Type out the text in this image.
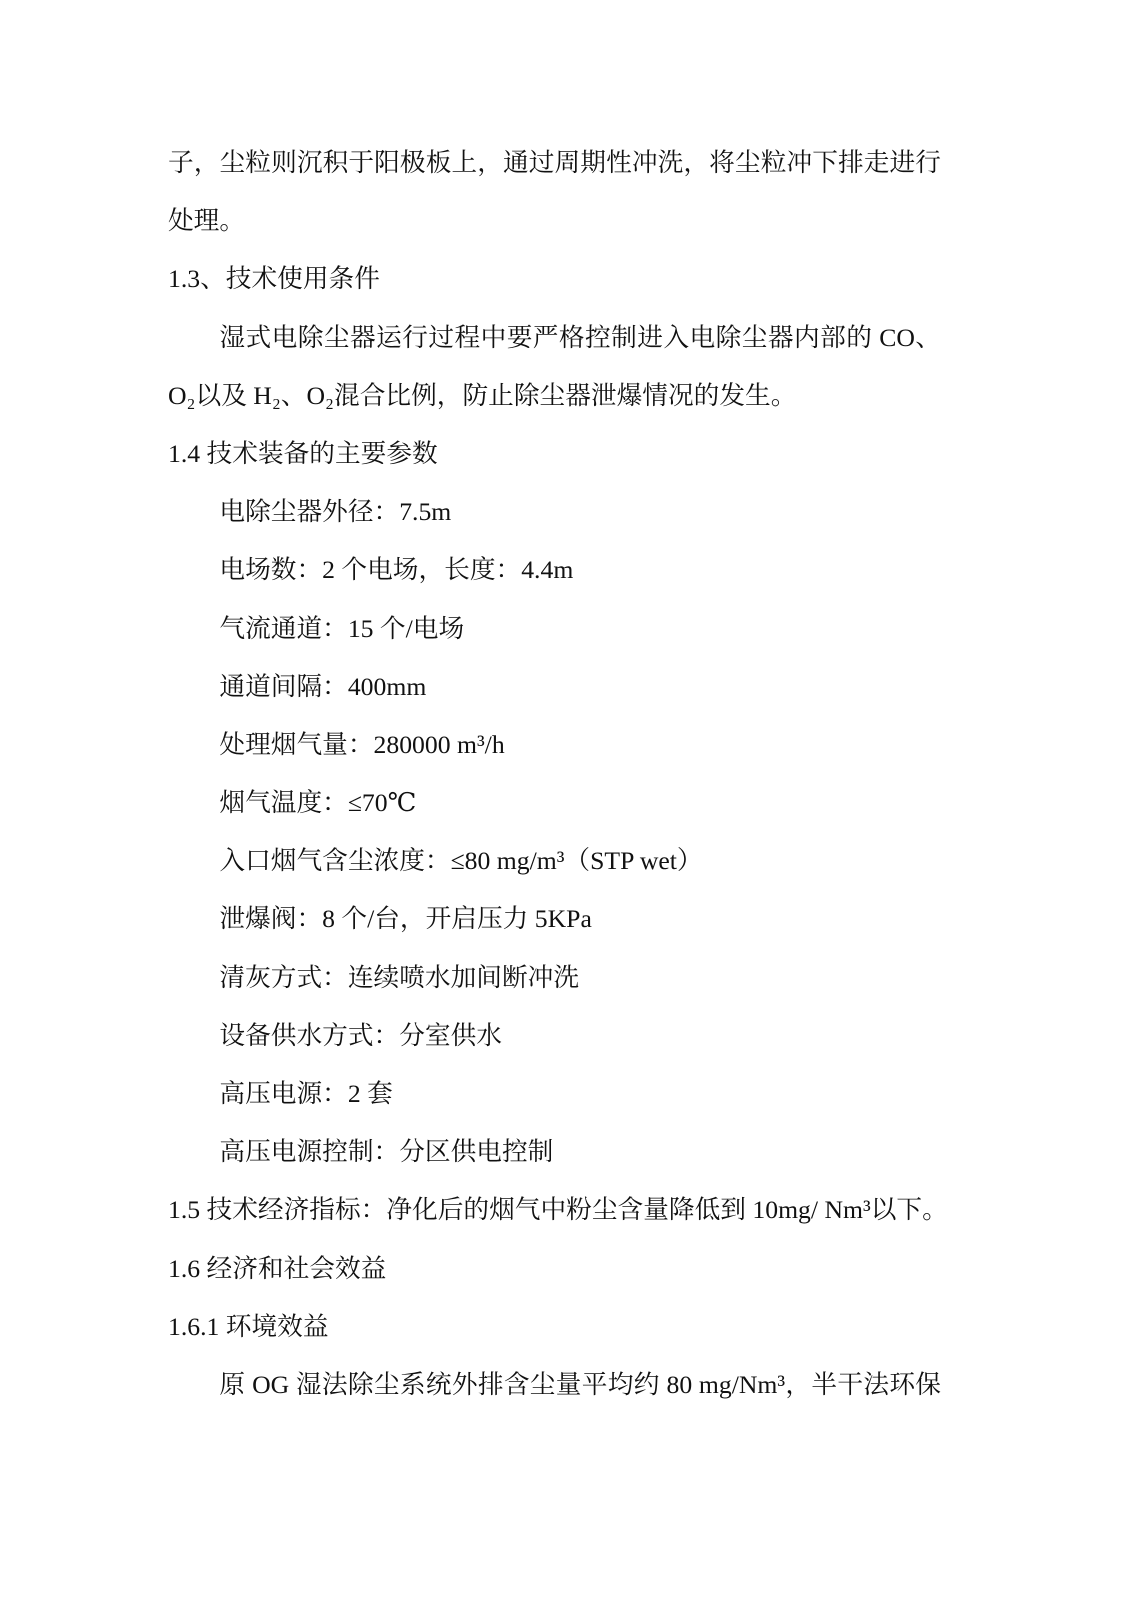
子，尘粒则沉积于阳极板上，通过周期性冲洗，将尘粒冲下排走进行
处理。
1.3、技术使用条件
湿式电除尘器运行过程中要严格控制进入电除尘器内部的 CO、
O₂以及 H₂、O₂混合比例，防止除尘器泄爆情况的发生。
1.4 技术装备的主要参数
电除尘器外径：7.5m
电场数：2 个电场，长度：4.4m
气流通道：15 个/电场
通道间隔：400mm
处理烟气量：280000 m³/h
烟气温度：≤70℃
入口烟气含尘浓度：≤80 mg/m³（STP wet）
泄爆阀：8 个/台，开启压力 5KPa
清灰方式：连续喷水加间断冲洗
设备供水方式：分室供水
高压电源：2 套
高压电源控制：分区供电控制
1.5 技术经济指标：净化后的烟气中粉尘含量降低到 10mg/ Nm³以下。
1.6 经济和社会效益
1.6.1 环境效益
原 OG 湿法除尘系统外排含尘量平均约 80 mg/Nm³，半干法环保
